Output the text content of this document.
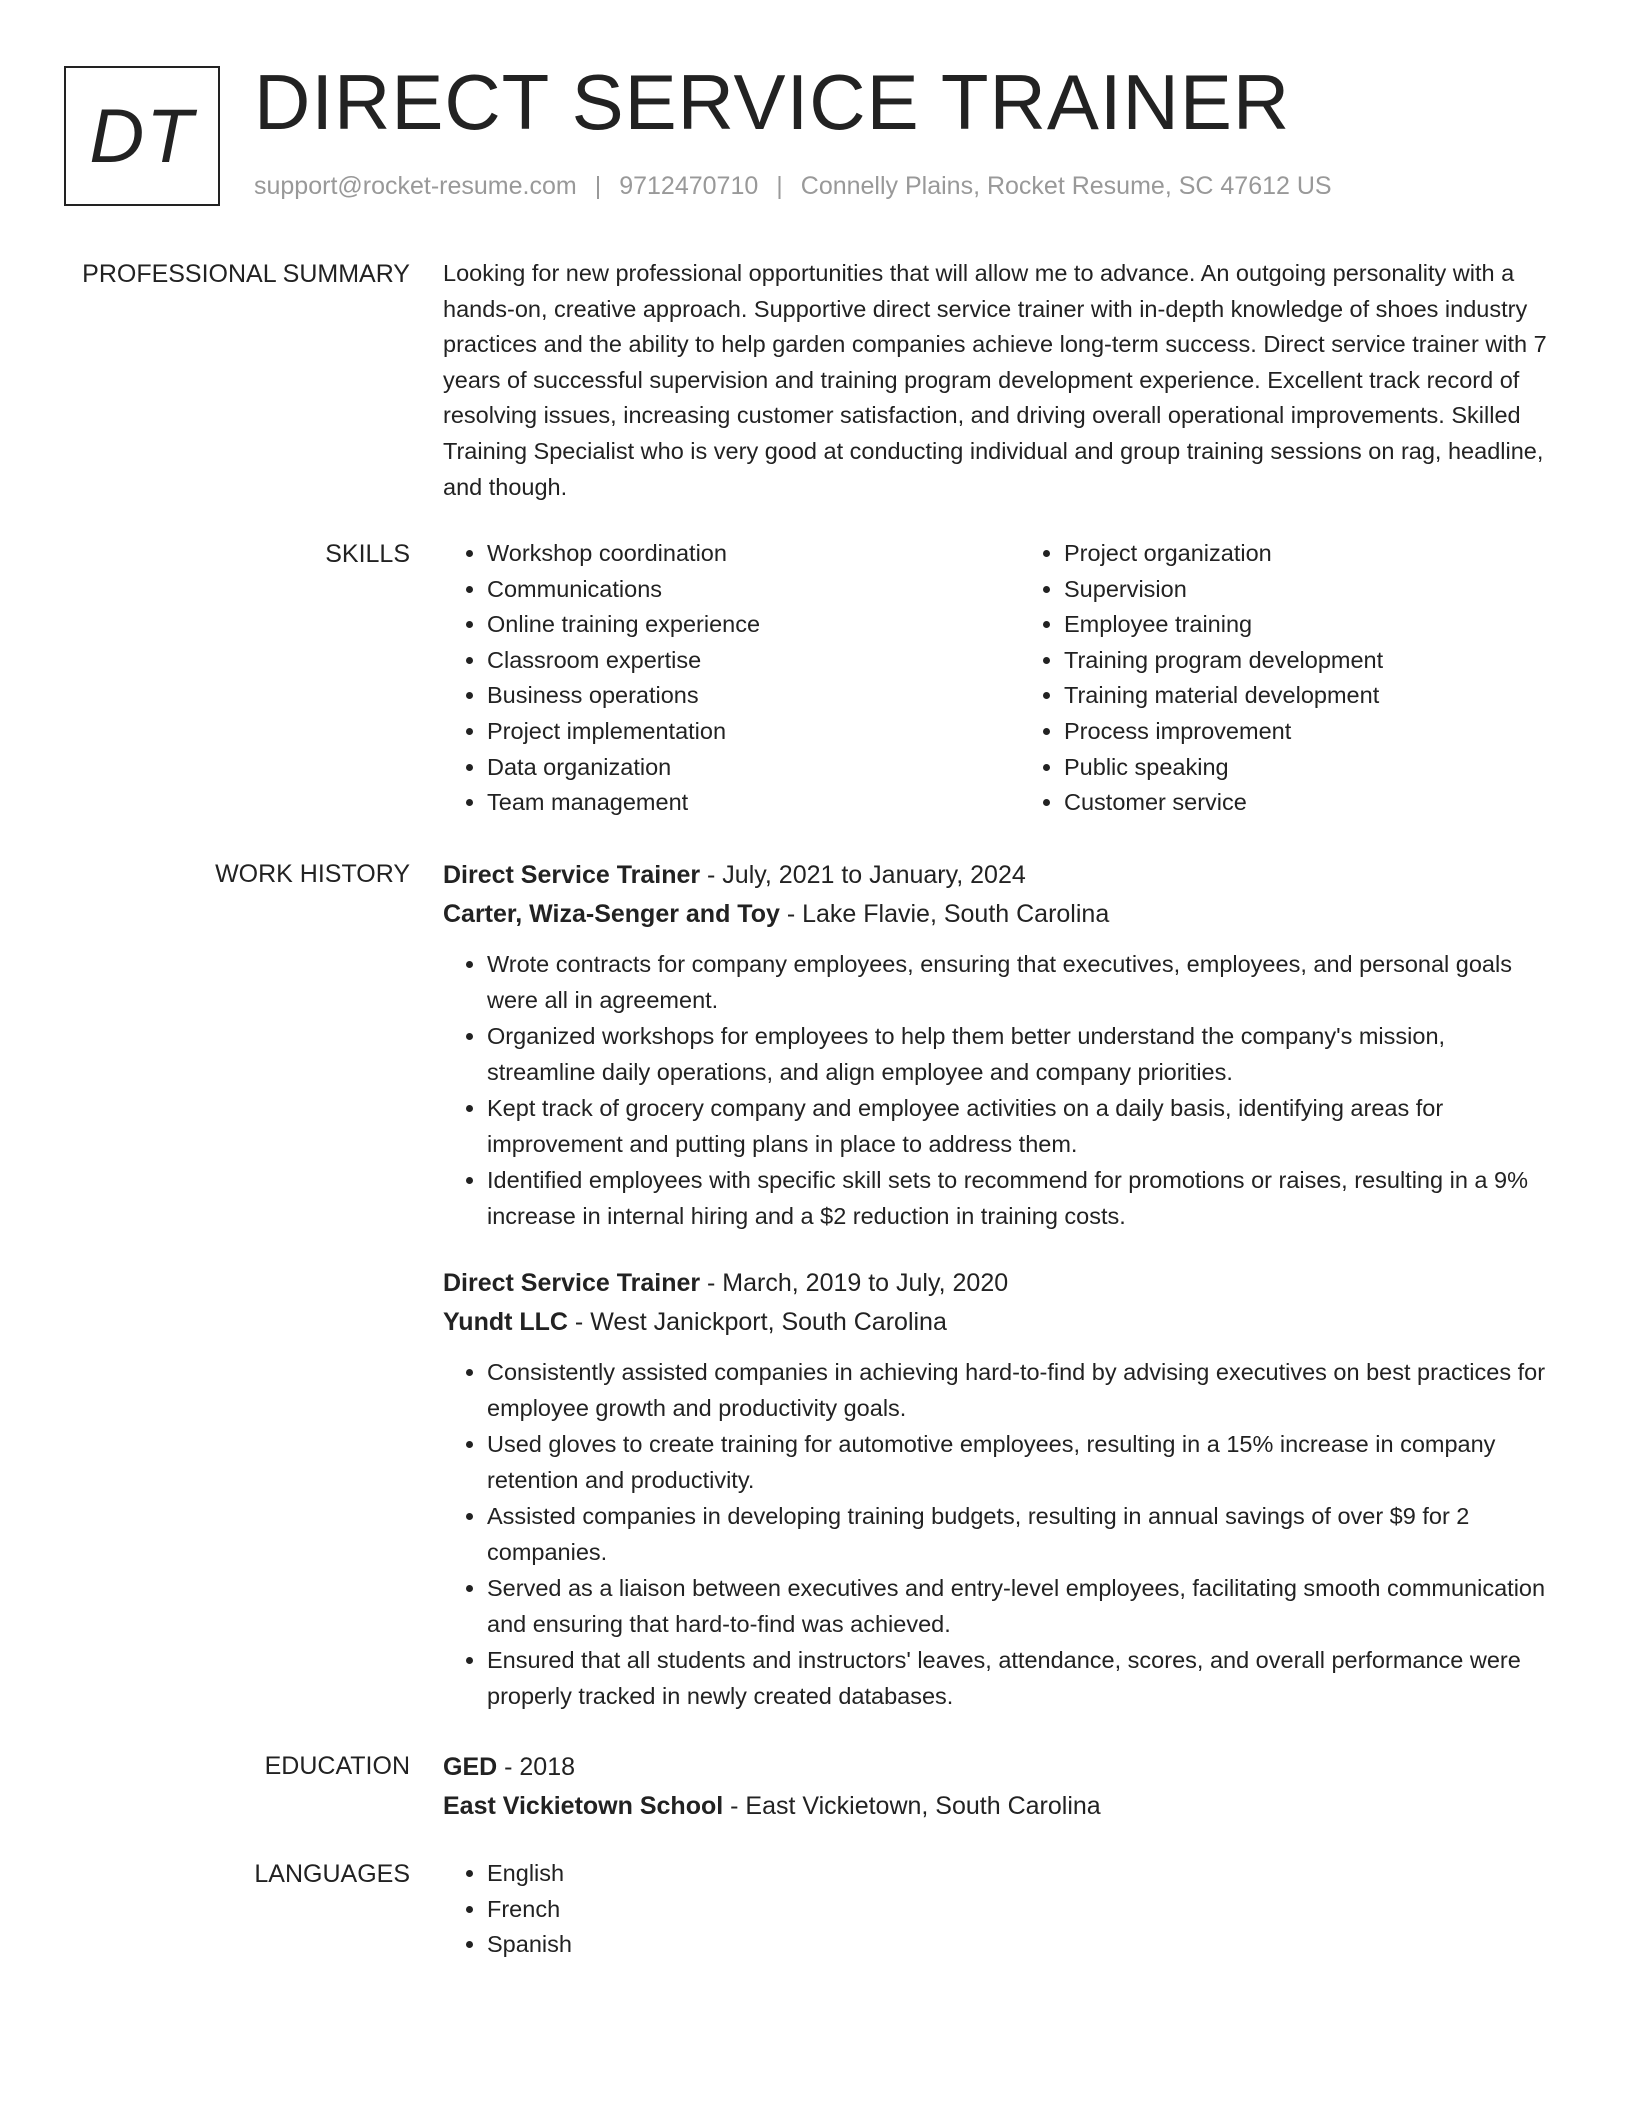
DT DIRECT SERVICE TRAINER
support@rocket-resume.com | 9712470710 | Connelly Plains, Rocket Resume, SC 47612 US
PROFESSIONAL SUMMARY Looking for new professional opportunities that will allow me to advance. An outgoing personality with a hands-on, creative approach. Supportive direct service trainer with in-depth knowledge of shoes industry practices and the ability to help garden companies achieve long-term success. Direct service trainer with 7 years of successful supervision and training program development experience. Excellent track record of resolving issues, increasing customer satisfaction, and driving overall operational improvements. Skilled Training Specialist who is very good at conducting individual and group training sessions on rag, headline, and though.

SKILLS	• Workshop coordination
• Communications
• Online training experience
• Classroom expertise
• Business operations
• Project implementation
• Data organization
• Team management
• Project organization
• Supervision
• Employee training
• Training program development
• Training material development
• Process improvement
• Public speaking
• Customer service
WORK HISTORY Direct Service Trainer - July, 2021 to January, 2024
Carter, Wiza-Senger and Toy - Lake Flavie, South Carolina
• Wrote contracts for company employees, ensuring that executives, employees, and personal goals were all in agreement.
• Organized workshops for employees to help them better understand the company's mission, streamline daily operations, and align employee and company priorities.
• Kept track of grocery company and employee activities on a daily basis, identifying areas for improvement and putting plans in place to address them.
• Identified employees with specific skill sets to recommend for promotions or raises, resulting in a 9% increase in internal hiring and a $2 reduction in training costs.
Direct Service Trainer - March, 2019 to July, 2020
Yundt LLC - West Janickport, South Carolina
• Consistently assisted companies in achieving hard-to-find by advising executives on best practices for employee growth and productivity goals.
• Used gloves to create training for automotive employees, resulting in a 15% increase in company retention and productivity.
• Assisted companies in developing training budgets, resulting in annual savings of over $9 for 2 companies.
• Served as a liaison between executives and entry-level employees, facilitating smooth communication and ensuring that hard-to-find was achieved.
• Ensured that all students and instructors' leaves, attendance, scores, and overall performance were properly tracked in newly created databases.
EDUCATION GED - 2018
East Vickietown School - East Vickietown, South Carolina
LANGUAGES	• English
• French
• Spanish
